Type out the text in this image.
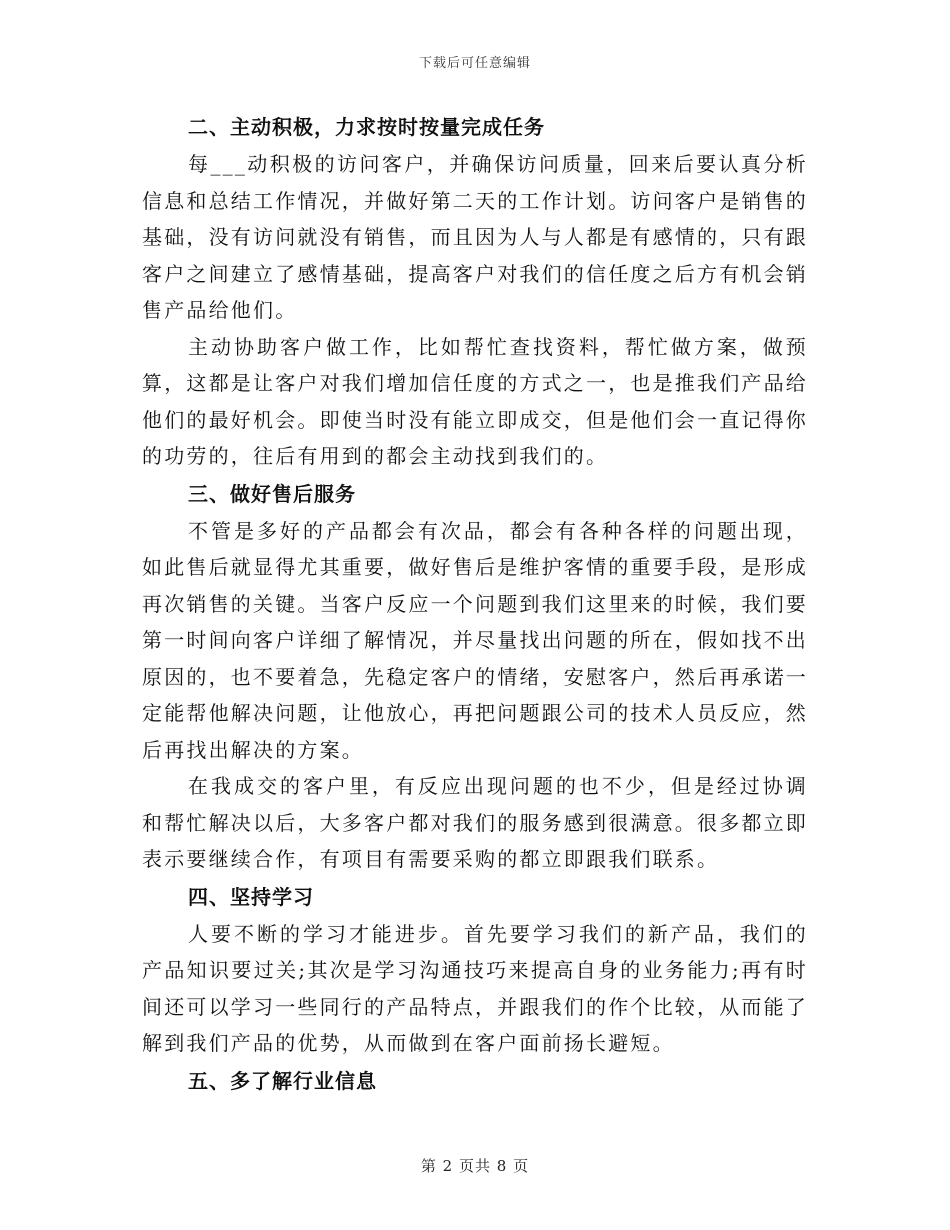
下载后可任意编辑
二、主动积极，力求按时按量完成任务

每___动积极的访问客户，并确保访问质量，回来后要认真分析信息和总结工作情况，并做好第二天的工作计划。访问客户是销售的基础，没有访问就没有销售，而且因为人与人都是有感情的，只有跟客户之间建立了感情基础，提高客户对我们的信任度之后方有机会销售产品给他们。

主动协助客户做工作，比如帮忙查找资料，帮忙做方案，做预算，这都是让客户对我们增加信任度的方式之一，也是推我们产品给他们的最好机会。即使当时没有能立即成交，但是他们会一直记得你的功劳的，往后有用到的都会主动找到我们的。

三、做好售后服务

不管是多好的产品都会有次品，都会有各种各样的问题出现，如此售后就显得尤其重要，做好售后是维护客情的重要手段，是形成再次销售的关键。当客户反应一个问题到我们这里来的时候，我们要第一时间向客户详细了解情况，并尽量找出问题的所在，假如找不出原因的，也不要着急，先稳定客户的情绪，安慰客户，然后再承诺一定能帮他解决问题，让他放心，再把问题跟公司的技术人员反应，然后再找出解决的方案。

在我成交的客户里，有反应出现问题的也不少，但是经过协调和帮忙解决以后，大多客户都对我们的服务感到很满意。很多都立即表示要继续合作，有项目有需要采购的都立即跟我们联系。

四、坚持学习

人要不断的学习才能进步。首先要学习我们的新产品，我们的产品知识要过关;其次是学习沟通技巧来提高自身的业务能力;再有时间还可以学习一些同行的产品特点，并跟我们的作个比较，从而能了解到我们产品的优势，从而做到在客户面前扬长避短。

五、多了解行业信息
第 2 页共 8 页
